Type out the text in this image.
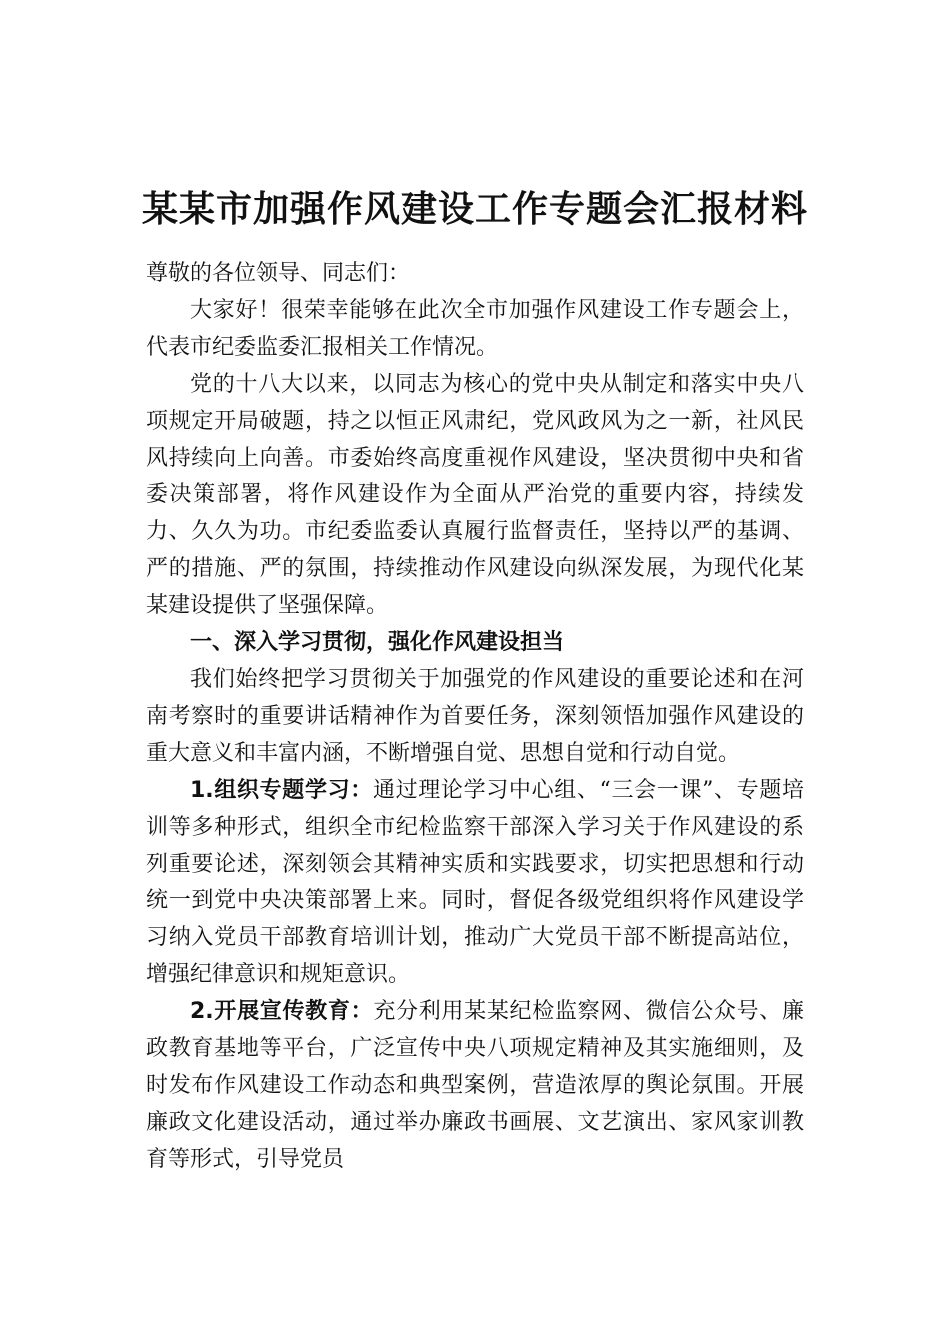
某某市加强作风建设工作专题会汇报材料

尊敬的各位领导、同志们：

大家好！很荣幸能够在此次全市加强作风建设工作专题会上，代表市纪委监委汇报相关工作情况。

党的十八大以来，以同志为核心的党中央从制定和落实中央八项规定开局破题，持之以恒正风肃纪，党风政风为之一新，社风民风持续向上向善。市委始终高度重视作风建设，坚决贯彻中央和省委决策部署，将作风建设作为全面从严治党的重要内容，持续发力、久久为功。市纪委监委认真履行监督责任，坚持以严的基调、严的措施、严的氛围，持续推动作风建设向纵深发展，为现代化某某建设提供了坚强保障。

一、深入学习贯彻，强化作风建设担当

我们始终把学习贯彻关于加强党的作风建设的重要论述和在河南考察时的重要讲话精神作为首要任务，深刻领悟加强作风建设的重大意义和丰富内涵，不断增强自觉、思想自觉和行动自觉。

1.组织专题学习：通过理论学习中心组、“三会一课”、专题培训等多种形式，组织全市纪检监察干部深入学习关于作风建设的系列重要论述，深刻领会其精神实质和实践要求，切实把思想和行动统一到党中央决策部署上来。同时，督促各级党组织将作风建设学习纳入党员干部教育培训计划，推动广大党员干部不断提高站位，增强纪律意识和规矩意识。

2.开展宣传教育：充分利用某某纪检监察网、微信公众号、廉政教育基地等平台，广泛宣传中央八项规定精神及其实施细则，及时发布作风建设工作动态和典型案例，营造浓厚的舆论氛围。开展廉政文化建设活动，通过举办廉政书画展、文艺演出、家风家训教育等形式，引导党员
